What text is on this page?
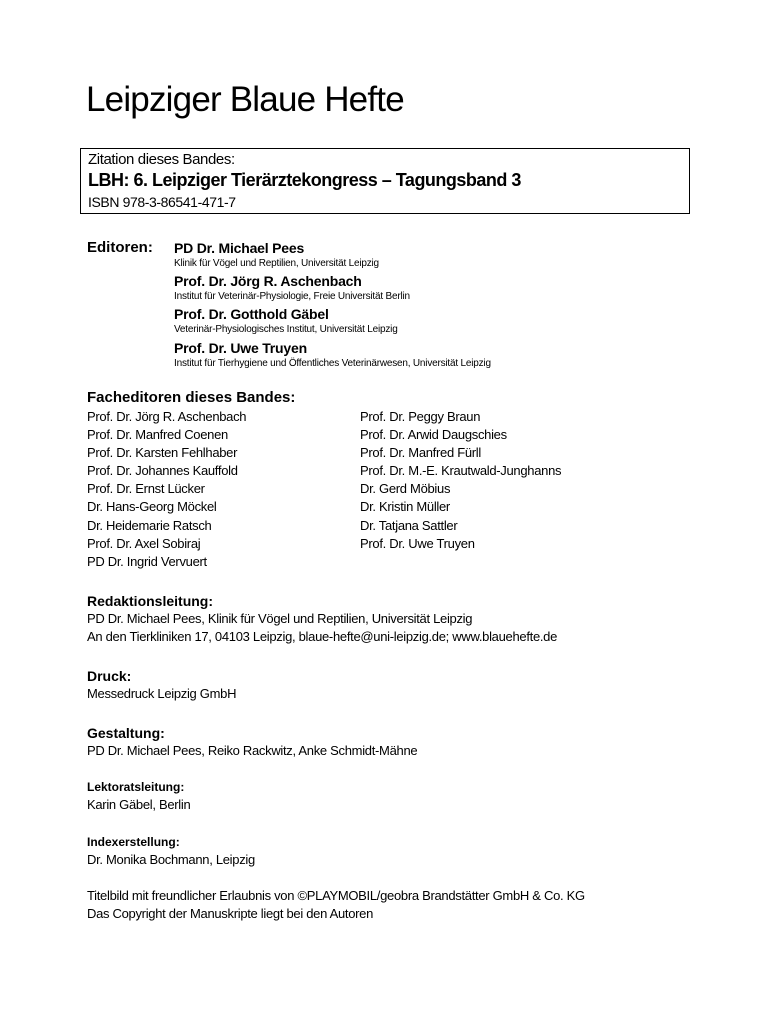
Leipziger Blaue Hefte
Zitation dieses Bandes:
LBH: 6. Leipziger Tierärztekongress – Tagungsband 3
ISBN 978-3-86541-471-7
Editoren: PD Dr. Michael Pees
Klinik für Vögel und Reptilien, Universität Leipzig
Prof. Dr. Jörg R. Aschenbach
Institut für Veterinär-Physiologie, Freie Universität Berlin
Prof. Dr. Gotthold Gäbel
Veterinär-Physiologisches Institut, Universität Leipzig
Prof. Dr. Uwe Truyen
Institut für Tierhygiene und Öffentliches Veterinärwesen, Universität Leipzig
Facheditoren dieses Bandes:
Prof. Dr. Jörg R. Aschenbach
Prof. Dr. Manfred Coenen
Prof. Dr. Karsten Fehlhaber
Prof. Dr. Johannes Kauffold
Prof. Dr. Ernst Lücker
Dr. Hans-Georg Möckel
Dr. Heidemarie Ratsch
Prof. Dr. Axel Sobiraj
PD Dr. Ingrid Vervuert
Prof. Dr. Peggy Braun
Prof. Dr. Arwid Daugschies
Prof. Dr. Manfred Fürll
Prof. Dr. M.-E. Krautwald-Junghanns
Dr. Gerd Möbius
Dr. Kristin Müller
Dr. Tatjana Sattler
Prof. Dr. Uwe Truyen
Redaktionsleitung:
PD Dr. Michael Pees, Klinik für Vögel und Reptilien, Universität Leipzig
An den Tierkliniken 17, 04103 Leipzig, blaue-hefte@uni-leipzig.de; www.blauehefte.de
Druck:
Messedruck Leipzig GmbH
Gestaltung:
PD Dr. Michael Pees, Reiko Rackwitz, Anke Schmidt-Mähne
Lektoratsleitung:
Karin Gäbel, Berlin
Indexerstellung:
Dr. Monika Bochmann, Leipzig
Titelbild mit freundlicher Erlaubnis von ©PLAYMOBIL/geobra Brandstätter GmbH & Co. KG
Das Copyright der Manuskripte liegt bei den Autoren
